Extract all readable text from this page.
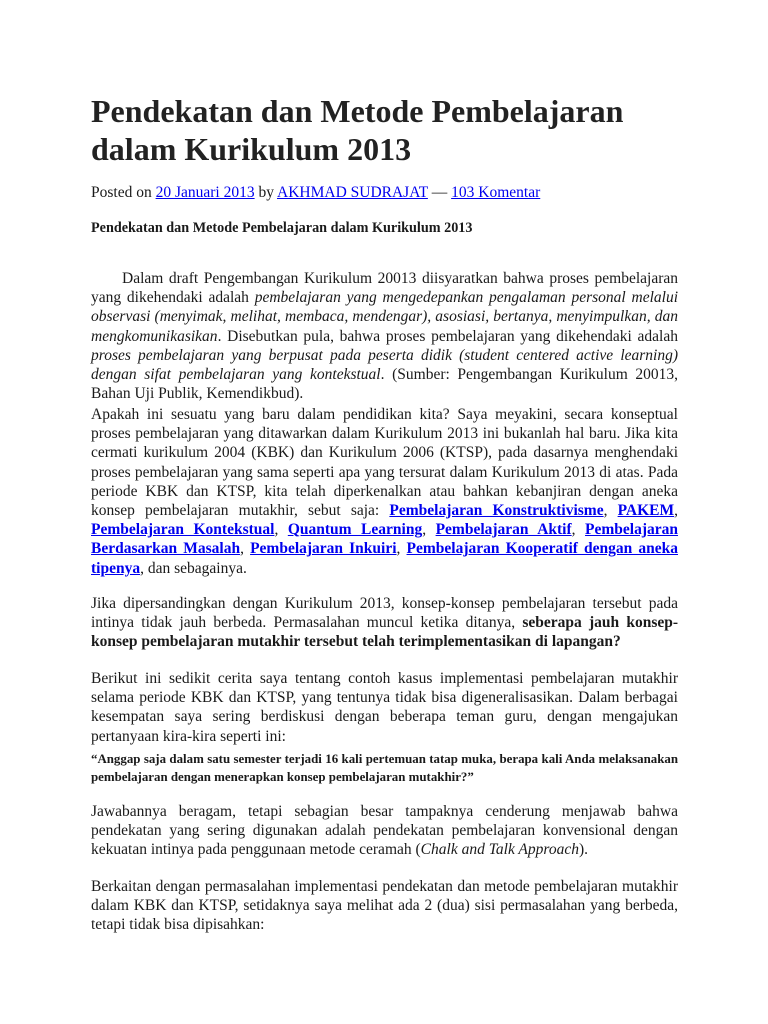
Pendekatan dan Metode Pembelajaran dalam Kurikulum 2013
Posted on 20 Januari 2013 by AKHMAD SUDRAJAT — 103 Komentar
Pendekatan dan Metode Pembelajaran dalam Kurikulum 2013

Dalam draft Pengembangan Kurikulum 20013 diisyaratkan bahwa proses pembelajaran yang dikehendaki adalah pembelajaran yang mengedepankan pengalaman personal melalui observasi (menyimak, melihat, membaca, mendengar), asosiasi, bertanya, menyimpulkan, dan mengkomunikasikan. Disebutkan pula, bahwa proses pembelajaran yang dikehendaki adalah proses pembelajaran yang berpusat pada peserta didik (student centered active learning) dengan sifat pembelajaran yang kontekstual. (Sumber: Pengembangan Kurikulum 20013, Bahan Uji Publik, Kemendikbud).

Apakah ini sesuatu yang baru dalam pendidikan kita? Saya meyakini, secara konseptual proses pembelajaran yang ditawarkan dalam Kurikulum 2013 ini bukanlah hal baru. Jika kita cermati kurikulum 2004 (KBK) dan Kurikulum 2006 (KTSP), pada dasarnya menghendaki proses pembelajaran yang sama seperti apa yang tersurat dalam Kurikulum 2013 di atas. Pada periode KBK dan KTSP, kita telah diperkenalkan atau bahkan kebanjiran dengan aneka konsep pembelajaran mutakhir, sebut saja: Pembelajaran Konstruktivisme, PAKEM, Pembelajaran Kontekstual, Quantum Learning, Pembelajaran Aktif, Pembelajaran Berdasarkan Masalah, Pembelajaran Inkuiri, Pembelajaran Kooperatif dengan aneka tipenya, dan sebagainya.

Jika dipersandingkan dengan Kurikulum 2013, konsep-konsep pembelajaran tersebut pada intinya tidak jauh berbeda. Permasalahan muncul ketika ditanya, seberapa jauh konsep-konsep pembelajaran mutakhir tersebut telah terimplementasikan di lapangan?

Berikut ini sedikit cerita saya tentang contoh kasus implementasi pembelajaran mutakhir selama periode KBK dan KTSP, yang tentunya tidak bisa digeneralisasikan. Dalam berbagai kesempatan saya sering berdiskusi dengan beberapa teman guru, dengan mengajukan pertanyaan kira-kira seperti ini:

“Anggap saja dalam satu semester terjadi 16 kali pertemuan tatap muka, berapa kali Anda melaksanakan pembelajaran dengan menerapkan konsep pembelajaran mutakhir?”

Jawabannya beragam, tetapi sebagian besar tampaknya cenderung menjawab bahwa pendekatan yang sering digunakan adalah pendekatan pembelajaran konvensional dengan kekuatan intinya pada penggunaan metode ceramah (Chalk and Talk Approach).

Berkaitan dengan permasalahan implementasi pendekatan dan metode pembelajaran mutakhir dalam KBK dan KTSP, setidaknya saya melihat ada 2 (dua) sisi permasalahan yang berbeda, tetapi tidak bisa dipisahkan:
